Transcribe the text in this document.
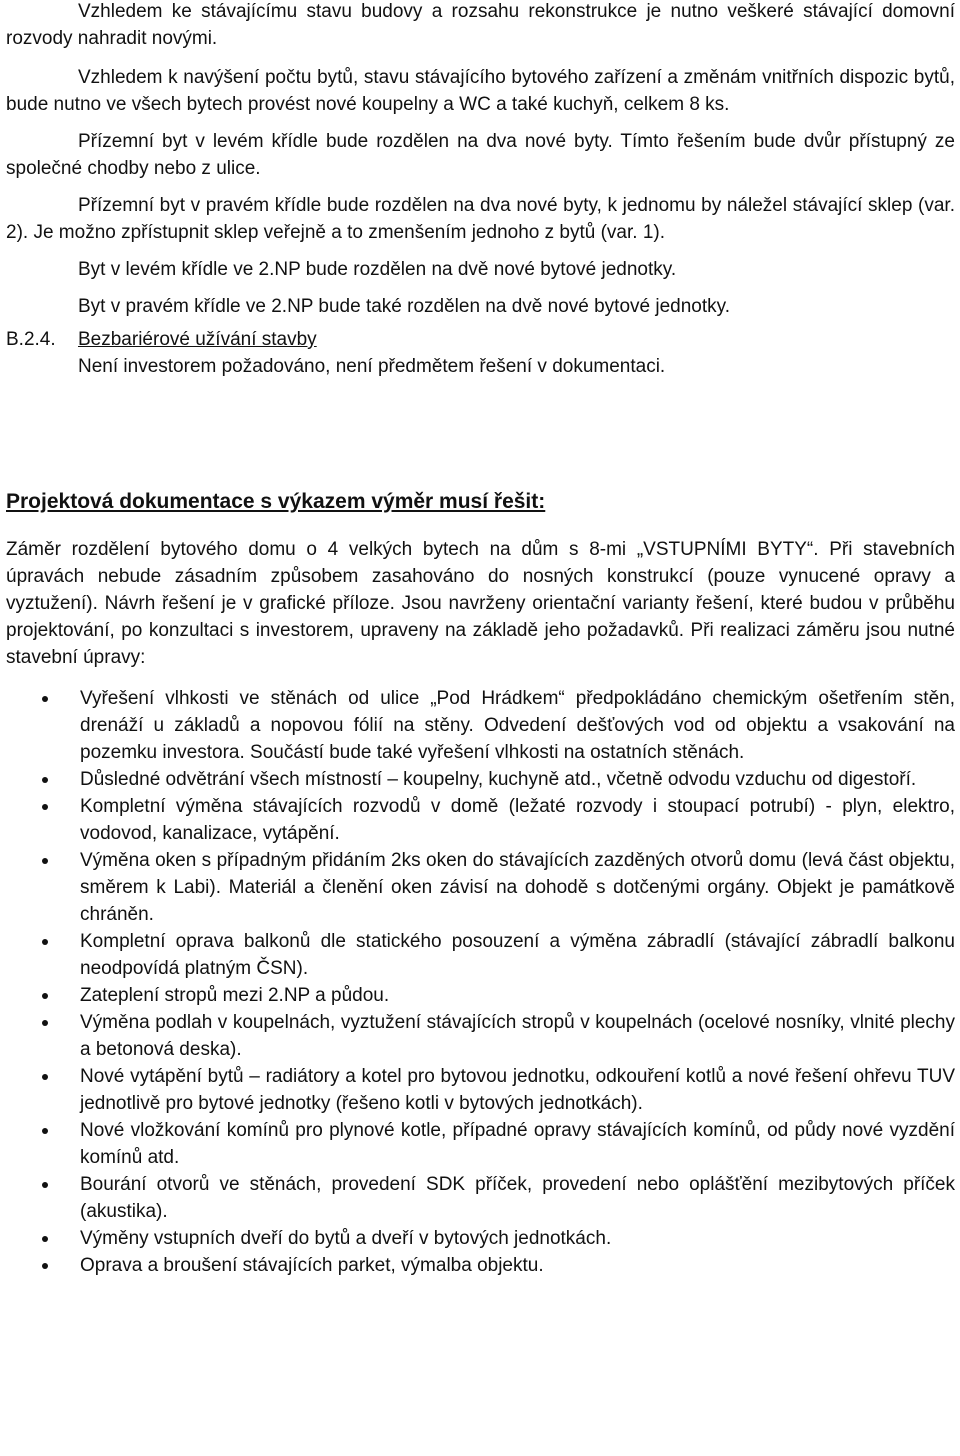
Vzhledem ke stávajícímu stavu budovy a rozsahu rekonstrukce je nutno veškeré stávající domovní rozvody nahradit novými.

Vzhledem k navýšení počtu bytů, stavu stávajícího bytového zařízení a změnám vnitřních dispozic bytů, bude nutno ve všech bytech provést nové koupelny a WC a také kuchyň, celkem 8 ks.

Přízemní byt v levém křídle bude rozdělen na dva nové byty. Tímto řešením bude dvůr přístupný ze společné chodby nebo z ulice.

Přízemní byt v pravém křídle bude rozdělen na dva nové byty, k jednomu by náležel stávající sklep (var. 2). Je možno zpřístupnit sklep veřejně a to zmenšením jednoho z bytů (var. 1).

Byt v levém křídle ve 2.NP bude rozdělen na dvě nové bytové jednotky.

Byt v pravém křídle ve 2.NP bude také rozdělen na dvě nové bytové jednotky.

B.2.4. Bezbariérové užívání stavby

Není investorem požadováno, není předmětem řešení v dokumentaci.

Projektová dokumentace s výkazem výměr musí řešit:

Záměr rozdělení bytového domu o 4 velkých bytech na dům s 8-mi „VSTUPNÍMI BYTY“. Při stavebních úpravách nebude zásadním způsobem zasahováno do nosných konstrukcí (pouze vynucené opravy a vyztužení). Návrh řešení je v grafické příloze. Jsou navrženy orientační varianty řešení, které budou v průběhu projektování, po konzultaci s investorem, upraveny na základě jeho požadavků. Při realizaci záměru jsou nutné stavební úpravy:

Vyřešení vlhkosti ve stěnách od ulice „Pod Hrádkem“ předpokládáno chemickým ošetřením stěn, drenáží u základů a nopovou fólií na stěny. Odvedení dešťových vod od objektu a vsakování na pozemku investora. Součástí bude také vyřešení vlhkosti na ostatních stěnách.
Důsledné odvětrání všech místností – koupelny, kuchyně atd., včetně odvodu vzduchu od digestoří.
Kompletní výměna stávajících rozvodů v domě (ležaté rozvody i stoupací potrubí) - plyn, elektro, vodovod, kanalizace, vytápění.
Výměna oken s případným přidáním 2ks oken do stávajících zazděných otvorů domu (levá část objektu, směrem k Labi). Materiál a členění oken závisí na dohodě s dotčenými orgány. Objekt je památkově chráněn.
Kompletní oprava balkonů dle statického posouzení a výměna zábradlí (stávající zábradlí balkonu neodpovídá platným ČSN).
Zateplení stropů mezi 2.NP a půdou.
Výměna podlah v koupelnách, vyztužení stávajících stropů v koupelnách (ocelové nosníky, vlnité plechy a betonová deska).
Nové vytápění bytů – radiátory a kotel pro bytovou jednotku, odkouření kotlů a nové řešení ohřevu TUV jednotlivě pro bytové jednotky (řešeno kotli v bytových jednotkách).
Nové vložkování komínů pro plynové kotle, případné opravy stávajících komínů, od půdy nové vyzdění komínů atd.
Bourání otvorů ve stěnách, provedení SDK příček, provedení nebo oplášťění mezibytových příček (akustika).
Výměny vstupních dveří do bytů a dveří v bytových jednotkách.
Oprava a broušení stávajících parket, výmalba objektu.
